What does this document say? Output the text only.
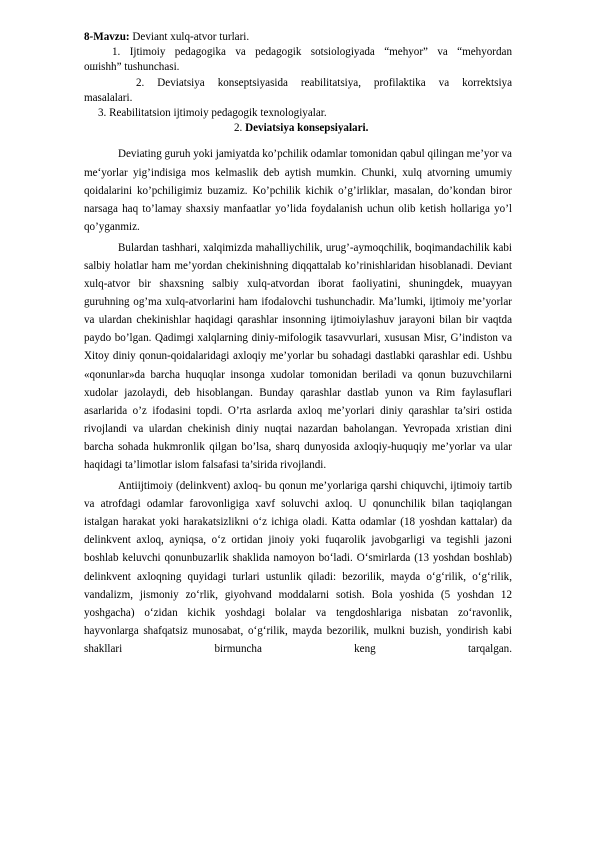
8-Mavzu: Deviant xulq-atvor turlari.
1. Ijtimoiy pedagogika va pedagogik sotsiologiyada “mehyor” va “mehyordan
ошishh” tushunchasi.
2. Deviatsiya konseptsiyasida reabilitatsiya, profilaktika va korrektsiya
masalalari.
3. Reabilitatsion ijtimoiy pedagogik texnologiyalar.
2. Deviatsiya konsepsiyalari.

Deviating guruh yoki jamiyatda ko’pchilik odamlar tomonidan qabul qilingan me’yor va me‘yorlar yig’indisiga mos kelmaslik deb aytish mumkin. Chunki, xulq atvorning umumiy qoidalarini ko’pchiligimiz buzamiz. Ko’pchilik kichik o’g’irliklar, masalan, do’kondan biror narsaga haq to’lamay shaxsiy manfaatlar yo’lida foydalanish uchun olib ketish hollariga yo’l qo’yganmiz.

Bulardan tashhari, xalqimizda mahalliychilik, urug’-aymoqchilik, boqimandachilik kabi salbiy holatlar ham me’yordan chekinishning diqqattalab ko’rinishlaridan hisoblanadi. Deviant xulq-atvor bir shaxsning salbiy xulq-atvordan iborat faoliyatini, shuningdek, muayyan guruhning og’ma xulq-atvorlarini ham ifodalovchi tushunchadir. Ma’lumki, ijtimoiy me’yorlar va ulardan chekinishlar haqidagi qarashlar insonning ijtimoiylashuv jarayoni bilan bir vaqtda paydo bo’lgan. Qadimgi xalqlarning diniy-mifologik tasavvurlari, xususan Misr, G’indiston va Xitoy diniy qonun-qoidalaridagi axloqiy me’yorlar bu sohadagi dastlabki qarashlar edi. Ushbu «qonunlar»da barcha huquqlar insonga xudolar tomonidan beriladi va qonun buzuvchilarni xudolar jazolaydi, deb hisoblangan. Bunday qarashlar dastlab yunon va Rim faylasuflari asarlarida o’z ifodasini topdi. O’rta asrlarda axloq me’yorlari diniy qarashlar ta’siri ostida rivojlandi va ulardan chekinish diniy nuqtai nazardan baholangan. Yevropada xristian dini barcha sohada hukmronlik qilgan bo’lsa, sharq dunyosida axloqiy-huquqiy me’yorlar va ular haqidagi ta’limotlar islom falsafasi ta’sirida rivojlandi.

Antiijtimoiy (delinkvent) axloq- bu qonun me’yorlariga qarshi chiquvchi, ijtimoiy tartib va atrofdagi odamlar farovonligiga xavf soluvchi axloq. U qonunchilik bilan taqiqlangan istalgan harakat yoki harakatsizlikni o‘z ichiga oladi. Katta odamlar (18 yoshdan kattalar) da delinkvent axloq, ayniqsa, o‘z ortidan jinoiy yoki fuqarolik javobgarligi va tegishli jazoni boshlab keluvchi qonunbuzarlik shaklida namoyon bo‘ladi. O‘smirlarda (13 yoshdan boshlab) delinkvent axloqning quyidagi turlari ustunlik qiladi: bezorilik, mayda o‘g‘rilik, o‘g‘rilik, vandalizm, jismoniy zo‘rlik, giyohvand moddalarni sotish. Bola yoshida (5 yoshdan 12 yoshgacha) o‘zidan kichik yoshdagi bolalar va tengdoshlariga nisbatan zo‘ravonlik, hayvonlarga shafqatsiz munosabat, o‘g‘rilik, mayda bezorilik, mulkni buzish, yondirish kabi shakllari birmuncha keng tarqalgan.
